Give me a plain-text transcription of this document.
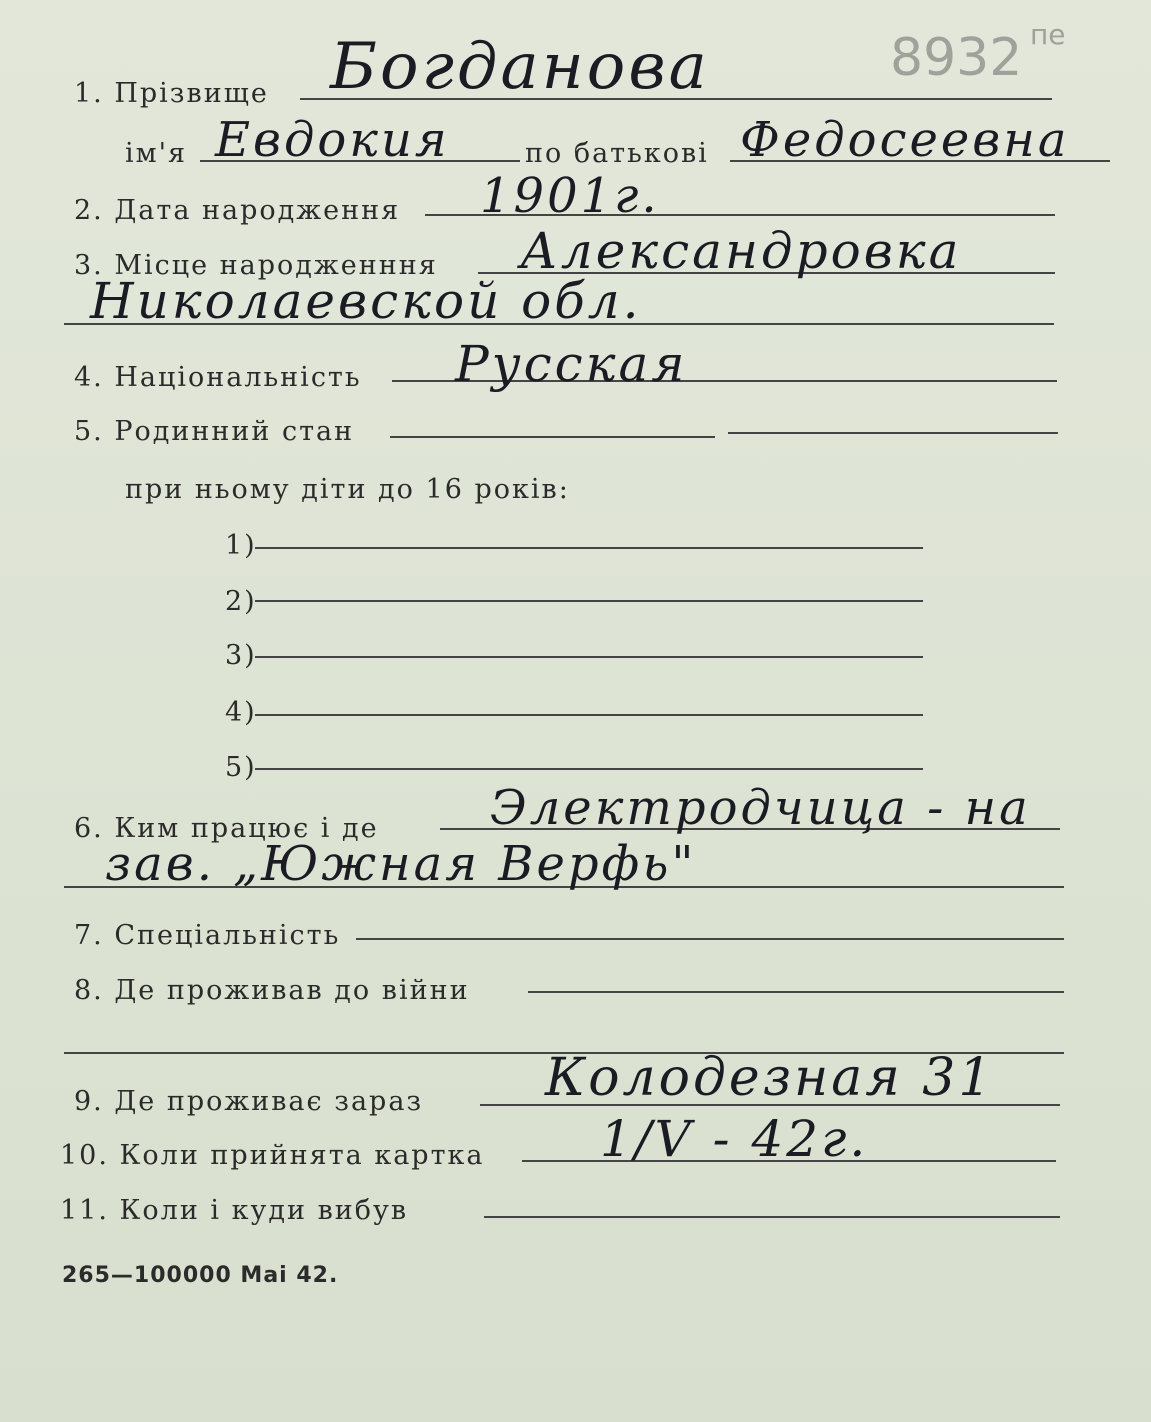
1. Прізвище Богданова	8932 пе
ім'я Евдокия	по батькові Федосеевна
2. Дата народження 1901г.
3. Місце народженння Александровка
Николаевской обл.
4. Національність Русская
5. Родинний стан
при ньому діти до 16 років:
1)
2)
3)
4)
5)
6. Ким працює і де Электродчица - на
зав. „Южная Верфь"
7. Спеціальність
8. Де проживав до війни
9. Де проживає зараз Колодезная 31
10. Коли прийнята картка 1/V - 42г.
11. Коли і куди вибув
265—100000 Mai 42.
